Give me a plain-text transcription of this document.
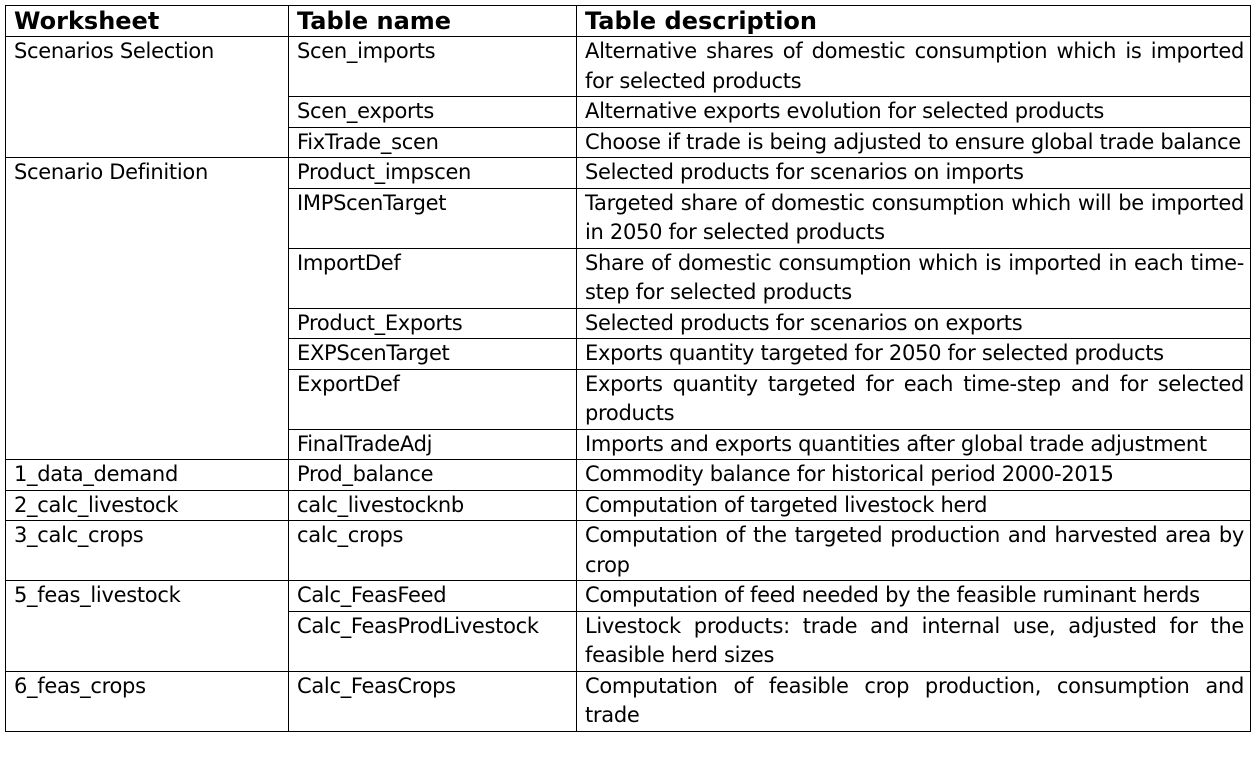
Worksheet	Table name	Table description
Scenarios Selection	Scen_imports	Alternative shares of domestic consumption which is imported for selected products
	Scen_exports	Alternative exports evolution for selected products
	FixTrade_scen	Choose if trade is being adjusted to ensure global trade balance
Scenario Definition	Product_impscen	Selected products for scenarios on imports
	IMPScenTarget	Targeted share of domestic consumption which will be imported in 2050 for selected products
	ImportDef	Share of domestic consumption which is imported in each time-step for selected products
	Product_Exports	Selected products for scenarios on exports
	EXPScenTarget	Exports quantity targeted for 2050 for selected products
	ExportDef	Exports quantity targeted for each time-step and for selected products
	FinalTradeAdj	Imports and exports quantities after global trade adjustment
1_data_demand	Prod_balance	Commodity balance for historical period 2000-2015
2_calc_livestock	calc_livestocknb	Computation of targeted livestock herd
3_calc_crops	calc_crops	Computation of the targeted production and harvested area by crop
5_feas_livestock	Calc_FeasFeed	Computation of feed needed by the feasible ruminant herds
	Calc_FeasProdLivestock	Livestock products: trade and internal use, adjusted for the feasible herd sizes
6_feas_crops	Calc_FeasCrops	Computation of feasible crop production, consumption and trade
